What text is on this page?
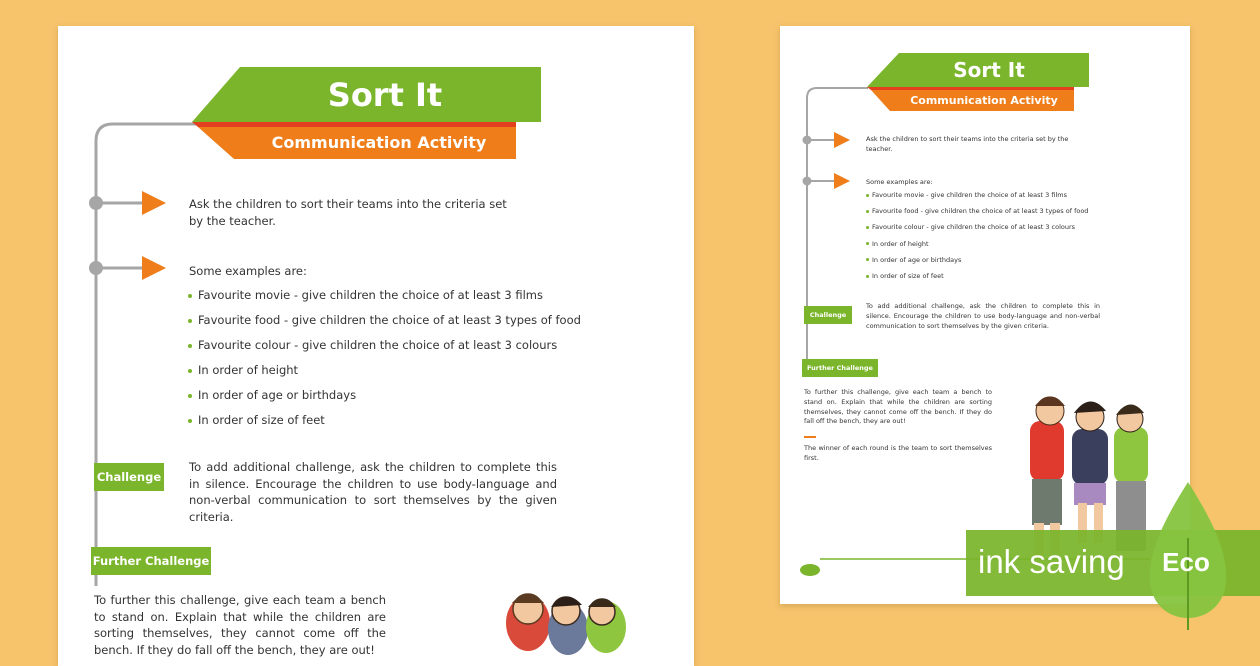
Sort It
Communication Activity
Ask the children to sort their teams into the criteria set by the teacher.
Some examples are:
Favourite movie - give children the choice of at least 3 films
Favourite food - give children the choice of at least 3 types of food
Favourite colour - give children the choice of at least 3 colours
In order of height
In order of age or birthdays
In order of size of feet
Challenge
To add additional challenge, ask the children to complete this in silence. Encourage the children to use body-language and non-verbal communication to sort themselves by the given criteria.
Further Challenge
To further this challenge, give each team a bench to stand on. Explain that while the children are sorting themselves, they cannot come off the bench. If they do fall off the bench, they are out!
Sort It
Communication Activity
Ask the children to sort their teams into the criteria set by the teacher.
Some examples are:
Favourite movie - give children the choice of at least 3 films
Favourite food - give children the choice of at least 3 types of food
Favourite colour - give children the choice of at least 3 colours
In order of height
In order of age or birthdays
In order of size of feet
Challenge
To add additional challenge, ask the children to complete this in silence. Encourage the children to use body-language and non-verbal communication to sort themselves by the given criteria.
Further Challenge
To further this challenge, give each team a bench to stand on. Explain that while the children are sorting themselves, they cannot come off the bench. If they do fall off the bench, they are out!
The winner of each round is the team to sort themselves first.
ink saving Eco
